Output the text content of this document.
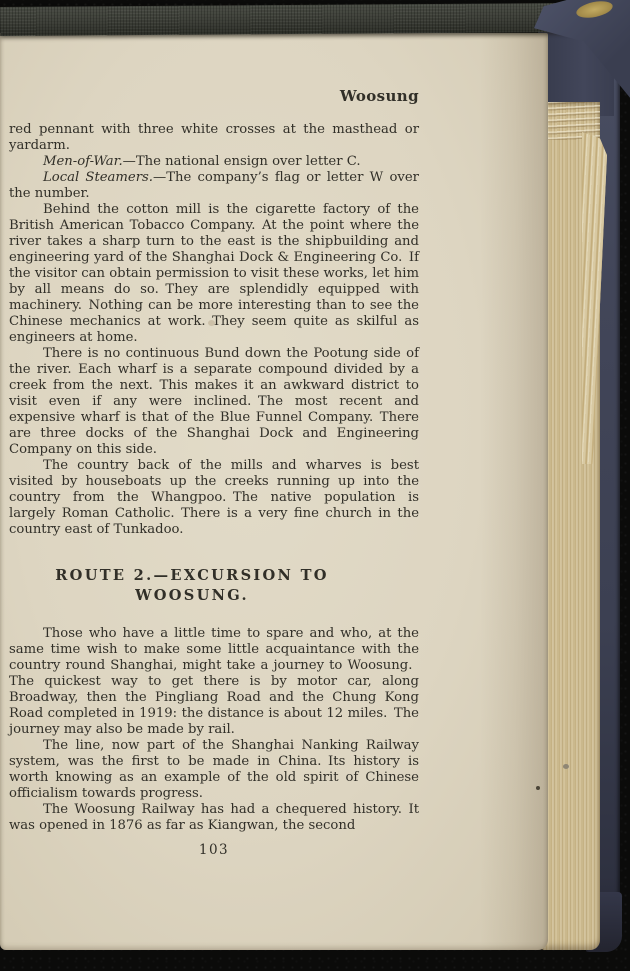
Woosung

red pennant with three white crosses at the masthead or yardarm.

Men-of-War.—The national ensign over letter C.

Local Steamers.—The company’s flag or letter W over the number.

Behind the cotton mill is the cigarette factory of the British American Tobacco Company. At the point where the river takes a sharp turn to the east is the shipbuilding and engineering yard of the Shanghai Dock & Engineering Co. If the visitor can obtain permission to visit these works, let him by all means do so. They are splendidly equipped with machinery. Nothing can be more interesting than to see the Chinese mechanics at work. They seem quite as skilful as engineers at home.

There is no continuous Bund down the Pootung side of the river. Each wharf is a separate compound divided by a creek from the next. This makes it an awkward district to visit even if any were inclined. The most recent and expensive wharf is that of the Blue Funnel Company. There are three docks of the Shanghai Dock and Engineering Company on this side.

The country back of the mills and wharves is best visited by houseboats up the creeks running up into the country from the Whangpoo. The native population is largely Roman Catholic. There is a very fine church in the country east of Tunkadoo.

ROUTE 2.—EXCURSION TO WOOSUNG.

Those who have a little time to spare and who, at the same time wish to make some little acquaintance with the country round Shanghai, might take a journey to Woosung. The quickest way to get there is by motor car, along Broadway, then the Pingliang Road and the Chung Kong Road completed in 1919: the distance is about 12 miles. The journey may also be made by rail.

The line, now part of the Shanghai Nanking Railway system, was the first to be made in China. Its history is worth knowing as an example of the old spirit of Chinese officialism towards progress.

The Woosung Railway has had a chequered history. It was opened in 1876 as far as Kiangwan, the second

103
